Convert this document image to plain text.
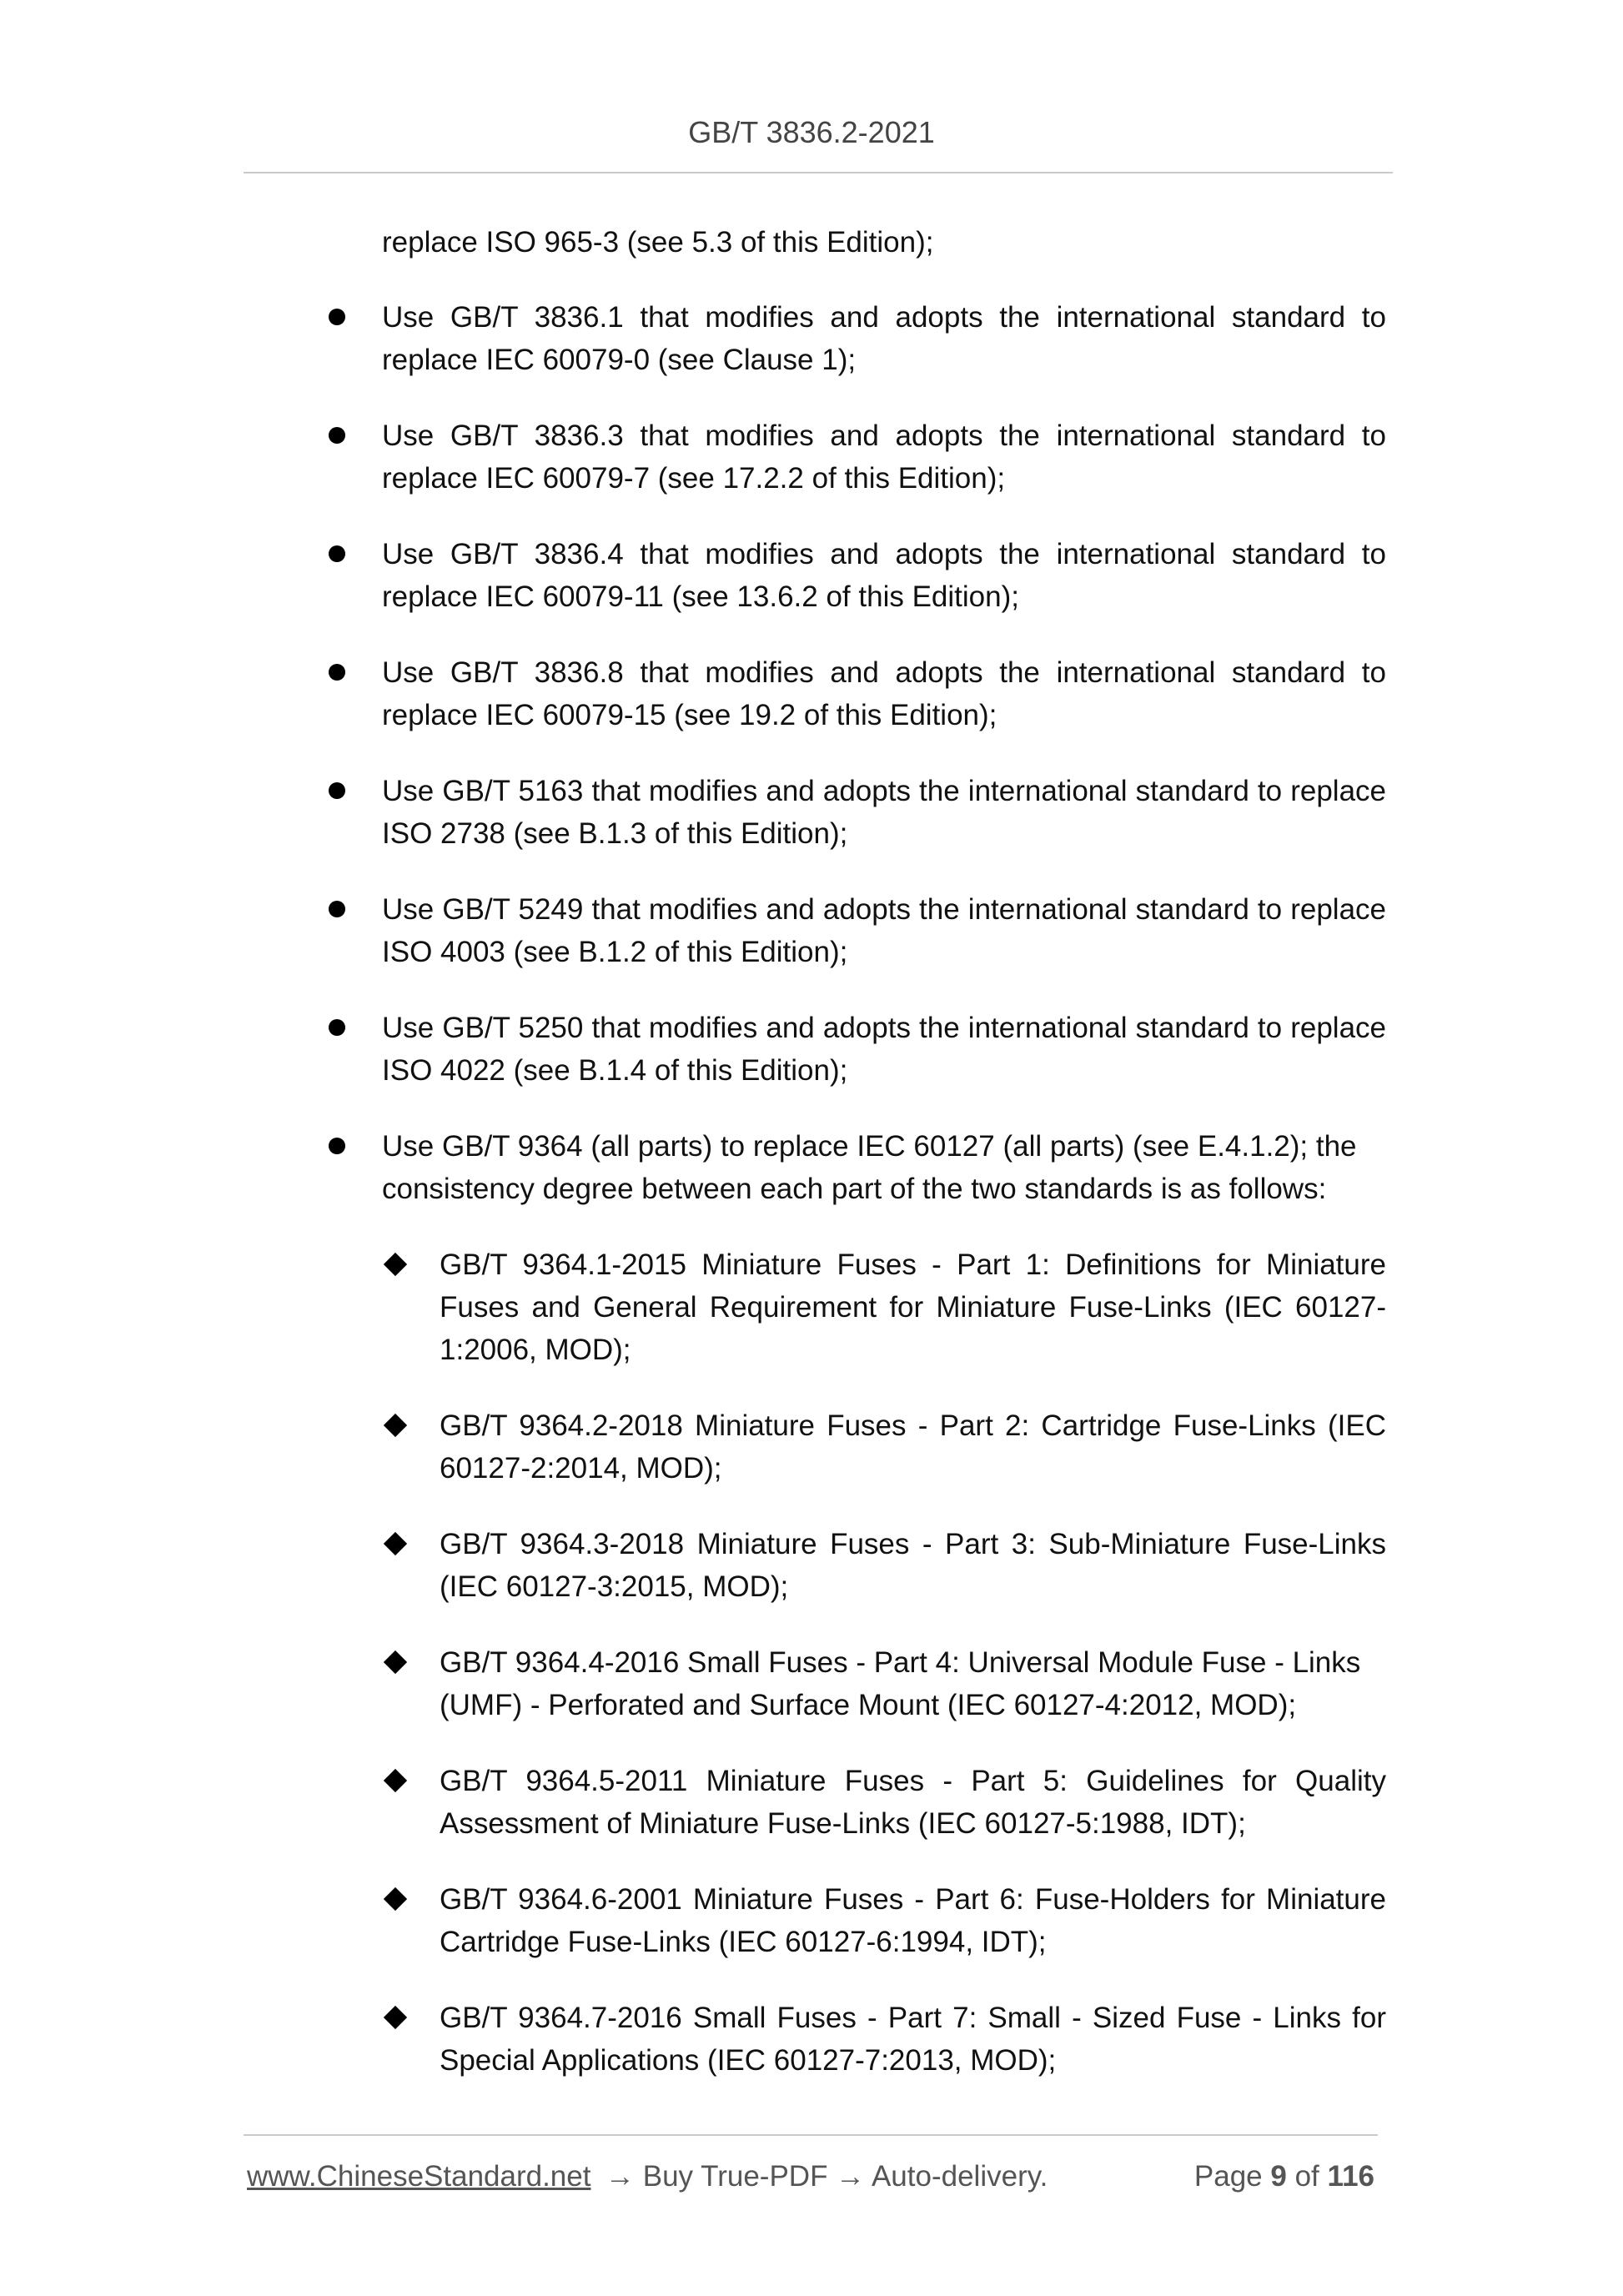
GB/T 3836.2-2021
replace ISO 965-3 (see 5.3 of this Edition);
Use GB/T 3836.1 that modifies and adopts the international standard to replace IEC 60079-0 (see Clause 1);
Use GB/T 3836.3 that modifies and adopts the international standard to replace IEC 60079-7 (see 17.2.2 of this Edition);
Use GB/T 3836.4 that modifies and adopts the international standard to replace IEC 60079-11 (see 13.6.2 of this Edition);
Use GB/T 3836.8 that modifies and adopts the international standard to replace IEC 60079-15 (see 19.2 of this Edition);
Use GB/T 5163 that modifies and adopts the international standard to replace ISO 2738 (see B.1.3 of this Edition);
Use GB/T 5249 that modifies and adopts the international standard to replace ISO 4003 (see B.1.2 of this Edition);
Use GB/T 5250 that modifies and adopts the international standard to replace ISO 4022 (see B.1.4 of this Edition);
Use GB/T 9364 (all parts) to replace IEC 60127 (all parts) (see E.4.1.2); the consistency degree between each part of the two standards is as follows:
GB/T 9364.1-2015 Miniature Fuses - Part 1: Definitions for Miniature Fuses and General Requirement for Miniature Fuse-Links (IEC 60127-1:2006, MOD);
GB/T 9364.2-2018 Miniature Fuses - Part 2: Cartridge Fuse-Links (IEC 60127-2:2014, MOD);
GB/T 9364.3-2018 Miniature Fuses - Part 3: Sub-Miniature Fuse-Links (IEC 60127-3:2015, MOD);
GB/T 9364.4-2016 Small Fuses - Part 4: Universal Module Fuse - Links (UMF) - Perforated and Surface Mount (IEC 60127-4:2012, MOD);
GB/T 9364.5-2011 Miniature Fuses - Part 5: Guidelines for Quality Assessment of Miniature Fuse-Links (IEC 60127-5:1988, IDT);
GB/T 9364.6-2001 Miniature Fuses - Part 6: Fuse-Holders for Miniature Cartridge Fuse-Links (IEC 60127-6:1994, IDT);
GB/T 9364.7-2016 Small Fuses - Part 7: Small - Sized Fuse - Links for Special Applications (IEC 60127-7:2013, MOD);
www.ChineseStandard.net → Buy True-PDF → Auto-delivery.	Page 9 of 116
